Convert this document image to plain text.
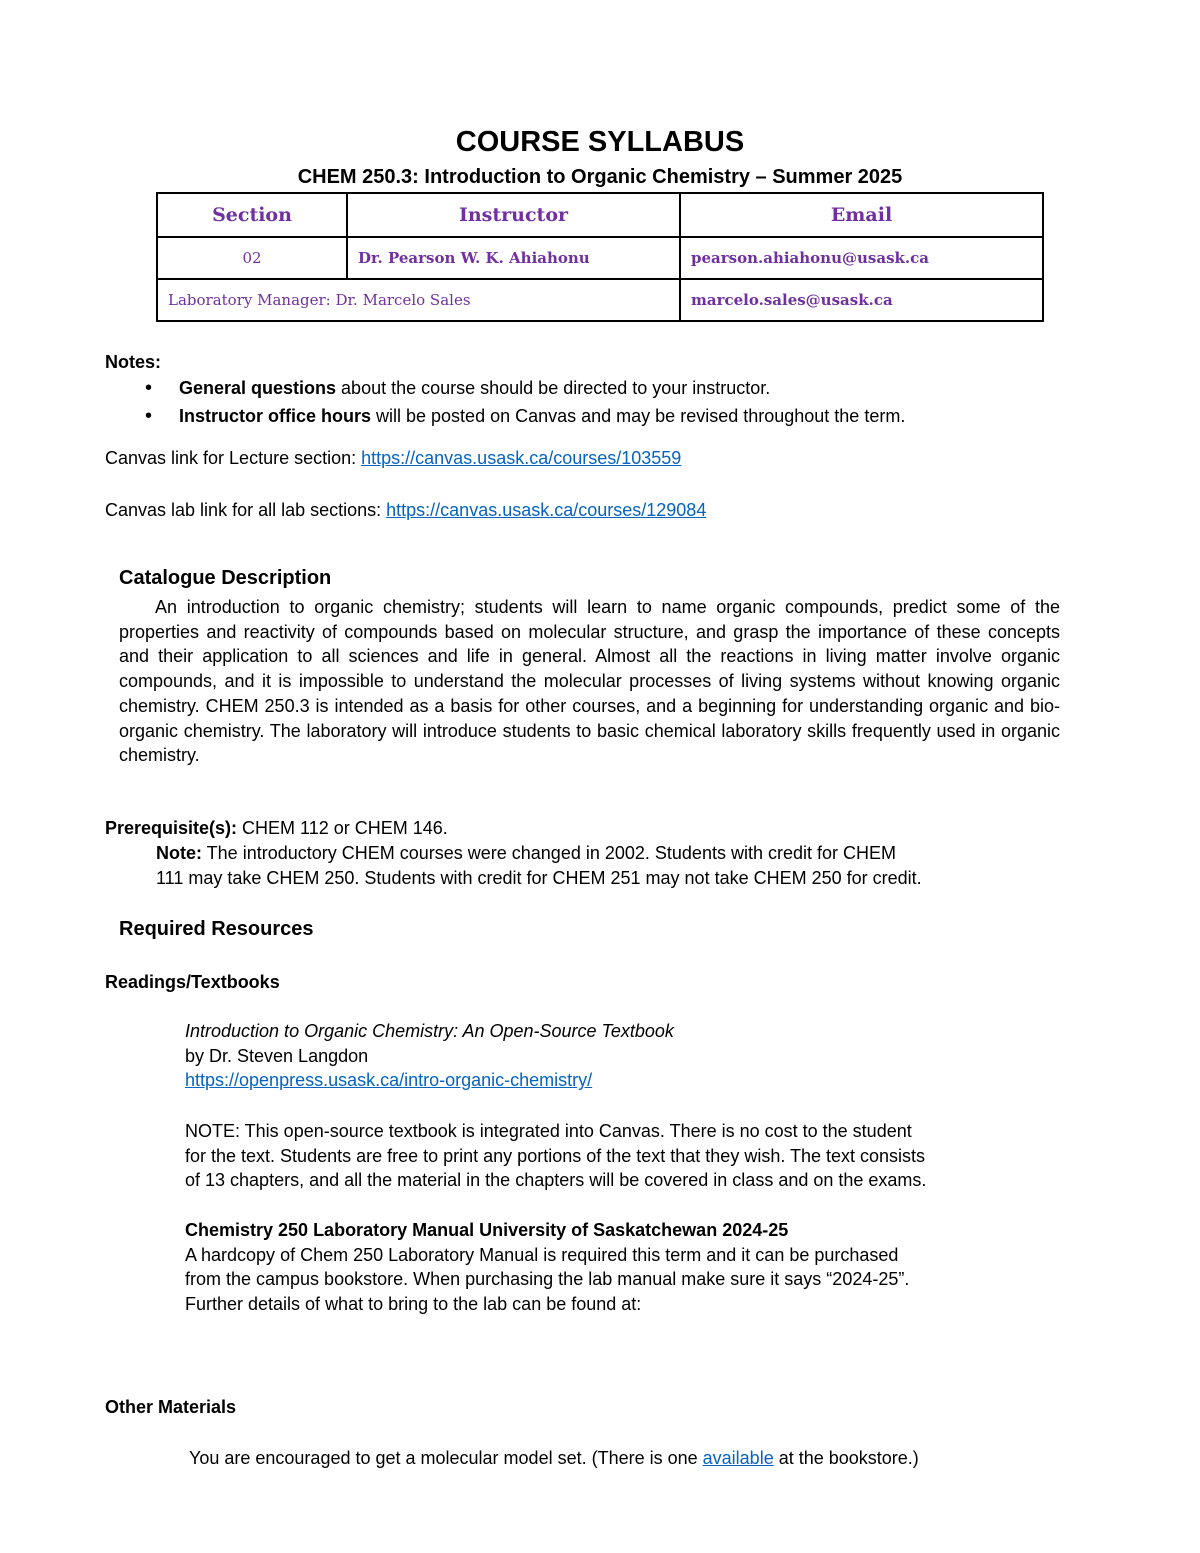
COURSE SYLLABUS
CHEM 250.3: Introduction to Organic Chemistry – Summer 2025
Section	Instructor	Email
02	Dr. Pearson W. K. Ahiahonu	pearson.ahiahonu@usask.ca
Laboratory Manager: Dr. Marcelo Sales		marcelo.sales@usask.ca
Notes:
• General questions about the course should be directed to your instructor.
• Instructor office hours will be posted on Canvas and may be revised throughout the term.
Canvas link for Lecture section: https://canvas.usask.ca/courses/103559
Canvas lab link for all lab sections: https://canvas.usask.ca/courses/129084
Catalogue Description

An introduction to organic chemistry; students will learn to name organic compounds, predict some of the properties and reactivity of compounds based on molecular structure, and grasp the importance of these concepts and their application to all sciences and life in general. Almost all the reactions in living matter involve organic compounds, and it is impossible to understand the molecular processes of living systems without knowing organic chemistry. CHEM 250.3 is intended as a basis for other courses, and a beginning for understanding organic and bio-organic chemistry. The laboratory will introduce students to basic chemical laboratory skills frequently used in organic chemistry.

Prerequisite(s): CHEM 112 or CHEM 146.
Note: The introductory CHEM courses were changed in 2002. Students with credit for CHEM
111 may take CHEM 250. Students with credit for CHEM 251 may not take CHEM 250 for credit.
Required Resources
Readings/Textbooks
Introduction to Organic Chemistry: An Open-Source Textbook
by Dr. Steven Langdon
https://openpress.usask.ca/intro-organic-chemistry/
NOTE: This open-source textbook is integrated into Canvas. There is no cost to the student
for the text. Students are free to print any portions of the text that they wish. The text consists
of 13 chapters, and all the material in the chapters will be covered in class and on the exams.
Chemistry 250 Laboratory Manual University of Saskatchewan 2024-25
A hardcopy of Chem 250 Laboratory Manual is required this term and it can be purchased
from the campus bookstore. When purchasing the lab manual make sure it says “2024-25”.
Further details of what to bring to the lab can be found at:
Other Materials
You are encouraged to get a molecular model set. (There is one available at the bookstore.)
